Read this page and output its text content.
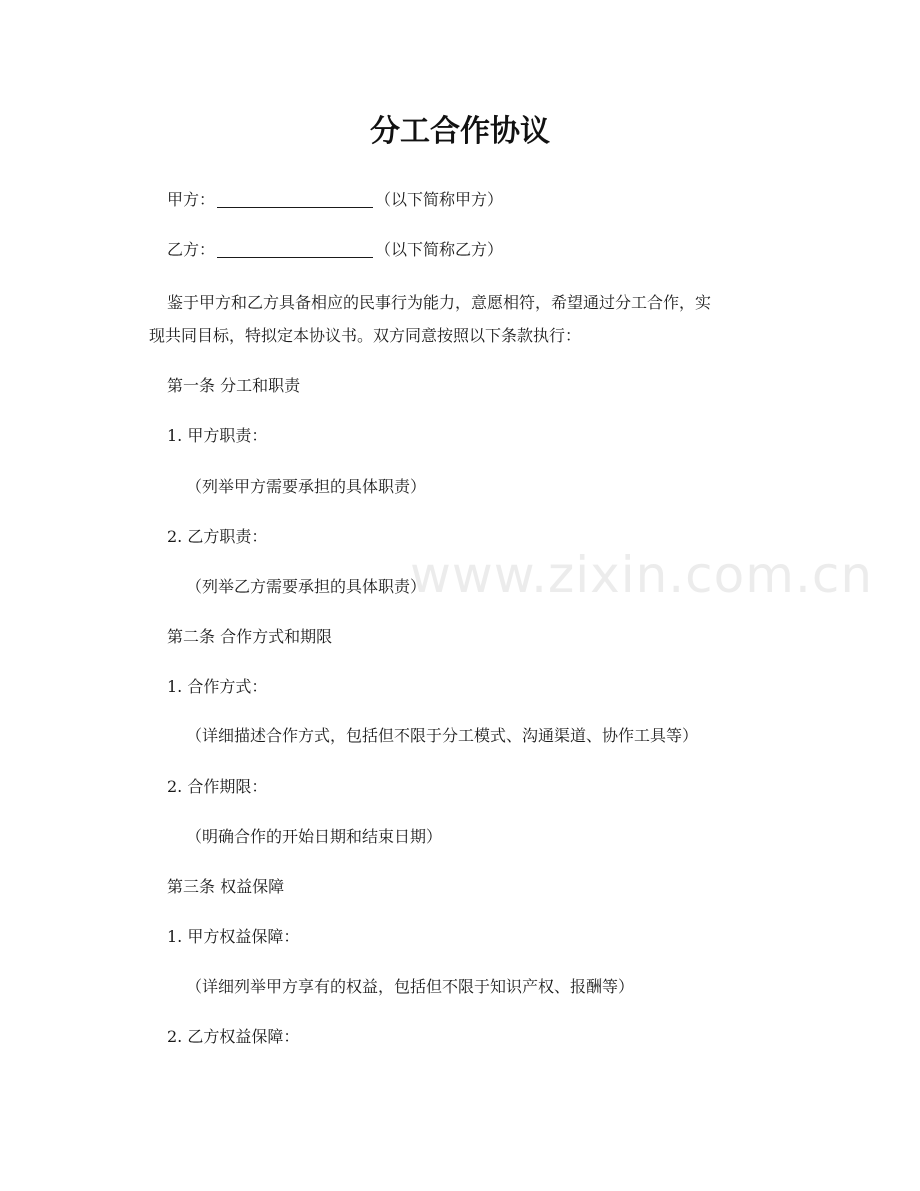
分工合作协议
甲方：	（以下简称甲方）
乙方：	（以下简称乙方）
鉴于甲方和乙方具备相应的民事行为能力，意愿相符，希望通过分工合作，实
现共同目标，特拟定本协议书。双方同意按照以下条款执行：
第一条 分工和职责
1. 甲方职责：
（列举甲方需要承担的具体职责）
2. 乙方职责：
（列举乙方需要承担的具体职责）
第二条 合作方式和期限
1. 合作方式：
（详细描述合作方式，包括但不限于分工模式、沟通渠道、协作工具等）
2. 合作期限：
（明确合作的开始日期和结束日期）
第三条 权益保障
1. 甲方权益保障：
（详细列举甲方享有的权益，包括但不限于知识产权、报酬等）
2. 乙方权益保障：
www.zixin.com.cn
